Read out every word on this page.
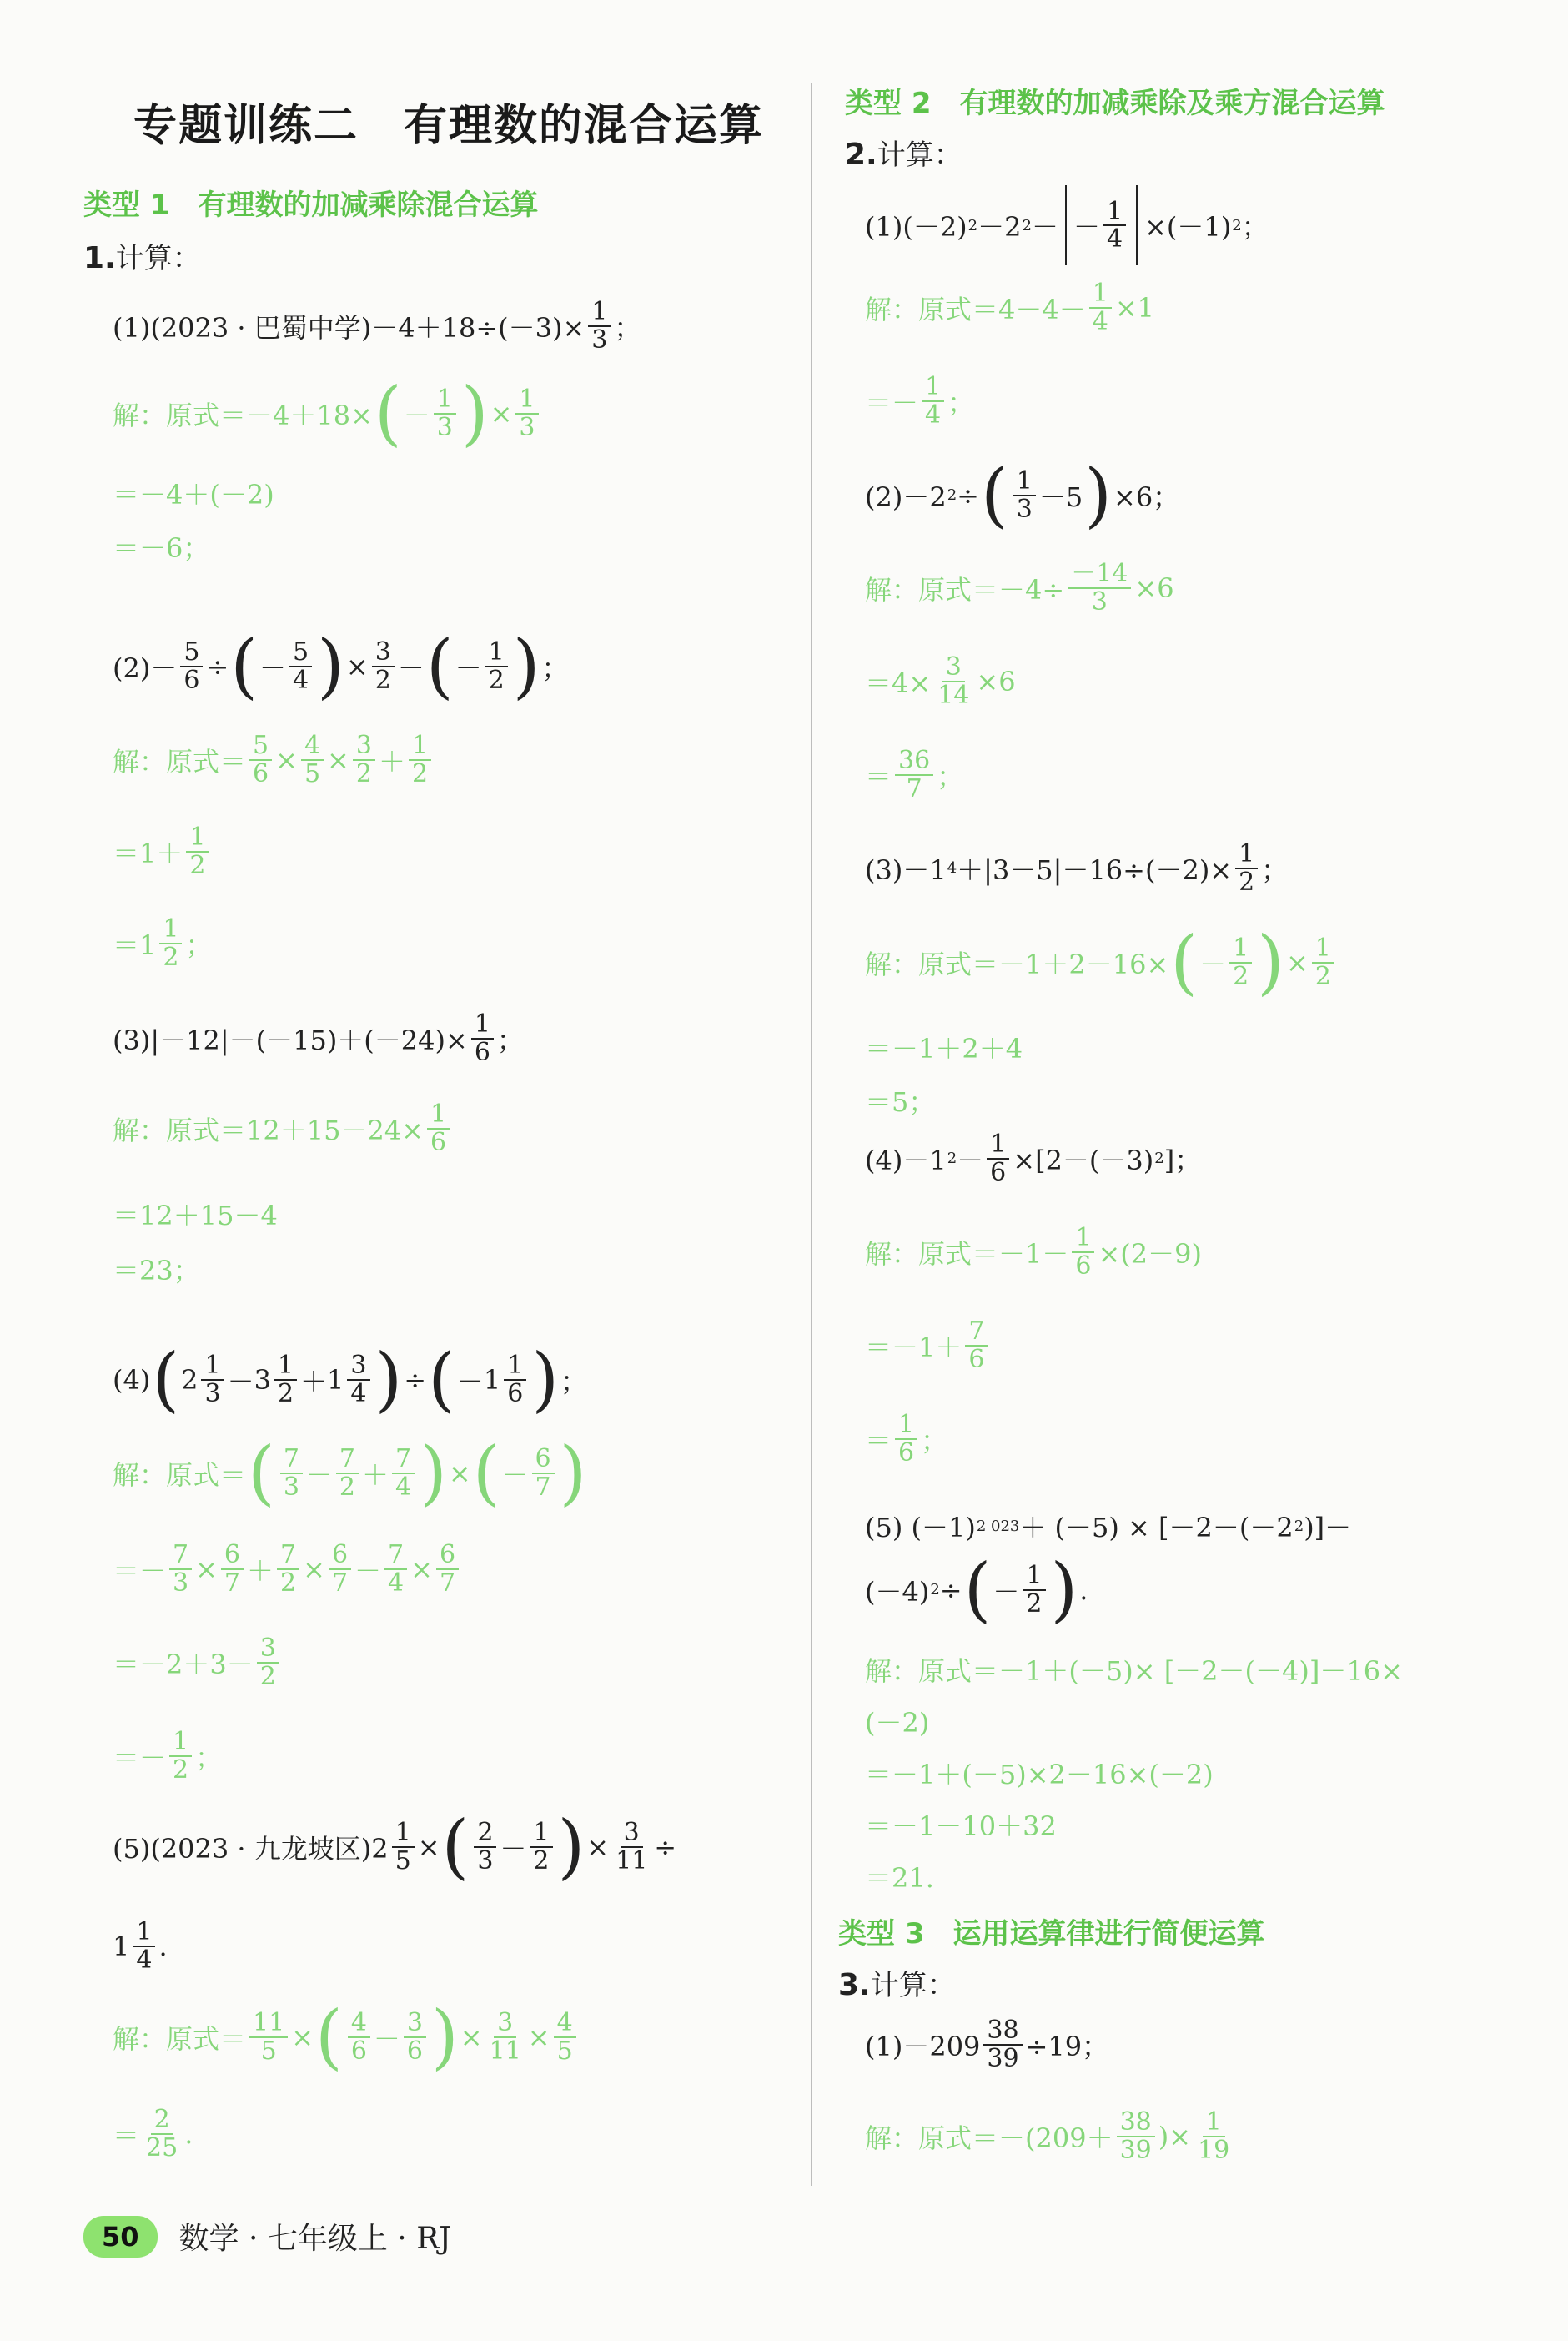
专题训练二　有理数的混合运算
类型 1　有理数的加减乘除混合运算
1.计算：
(1)(2023 · 巴蜀中学)$-4+18\div(-3)\times \frac{1}{3}$ ；
解：原式 ＝－4＋18× ( － $\frac{1}{3}$ ) × $\frac{1}{3}$
＝－4＋(－2)
＝－6；
$(2)- \frac{5}{6}$ ÷ ( － $\frac{5}{4}$ ) × $\frac{3}{2}$ － ( － $\frac{1}{2}$ ) ；
解：原式 ＝ $\frac{5}{6} \times \frac{4}{5} \times \frac{3}{2} + \frac{1}{2}$
$=1+ \frac{1}{2}$
$=1 \frac{1}{2}$ ；
$(3)|-12|-(-15)+(-24)\times \frac{1}{6}$ ；
解：原式 $=12+15-24\times \frac{1}{6}$
＝12＋15－4
＝23；
(4) ( $2 \frac{1}{3} - 3 \frac{1}{2} + 1 \frac{3}{4}$ ) ÷ ( － $1 \frac{1}{6}$ ) ；
解：原式 ＝ ( $\frac{7}{3} - \frac{7}{2} + \frac{7}{4}$ ) × ( － $\frac{6}{7}$ )
＝－ $\frac{7}{3} \times \frac{6}{7} + \frac{7}{2} \times \frac{6}{7} - \frac{7}{4} \times \frac{6}{7}$
$=-2+3- \frac{3}{2}$
＝－ $\frac{1}{2}$ ；
(5)(2023 · 九龙坡区)$2 \frac{1}{5}$ × ( $\frac{2}{3} - \frac{1}{2}$ ) × $\frac{3}{11}$ ÷
$1 \frac{1}{4}$ .
解：原式 ＝ $\frac{11}{5}$ × ( $\frac{4}{6} - \frac{3}{6}$ ) × $\frac{3}{11} \times \frac{4}{5}$
＝ $\frac{2}{25}$ .
类型 2　有理数的加减乘除及乘方混合运算
2.计算：
(1)(－2) 2 －2 2 － － $\frac{1}{4} \times(-1)$ 2 ；
解：原式 $=4-4- \frac{1}{4} \times 1$
＝－ $\frac{1}{4}$ ；
(2)－2 2 ÷ ( $\frac{1}{3} -5$ ) ×6；
解：原式 $=-4\div \frac{-14}{3} \times 6$
$=4\times \frac{3}{14} \times 6$
＝ $\frac{36}{7}$ ；
(3)－1 $4 +|3-5|-16\div(-2)\times \frac{1}{2}$ ；
解：原式 ＝－1＋2－16× ( － $\frac{1}{2}$ ) × $\frac{1}{2}$
＝－1＋2＋4
＝5；
(4)－1 $2 - \frac{1}{6} \times[2-(-3)$ 2 ]；
解：原式 $=-1- \frac{1}{6} \times(2-9)$
$=-1+ \frac{7}{6}$
＝ $\frac{1}{6}$ ；
(5) (－1) 2 023 ＋ (－5) × [－2－(－2 2 )]－
(－4) 2 ÷ ( － $\frac{1}{2}$ ) .
解：原式 ＝－1＋(－5)× [－2－(－4)]－16×
(－2)
＝－1＋(－5)×2－16×(－2)
＝－1－10＋32
＝21.
类型 3　运用运算律进行简便运算
3.计算：
$(1)-209 \frac{38}{39} \div 19$；
解：原式 $=-(209+ \frac{38}{39}$ )× $\frac{1}{19}$
50	数学 · 七年级上 · RJ
